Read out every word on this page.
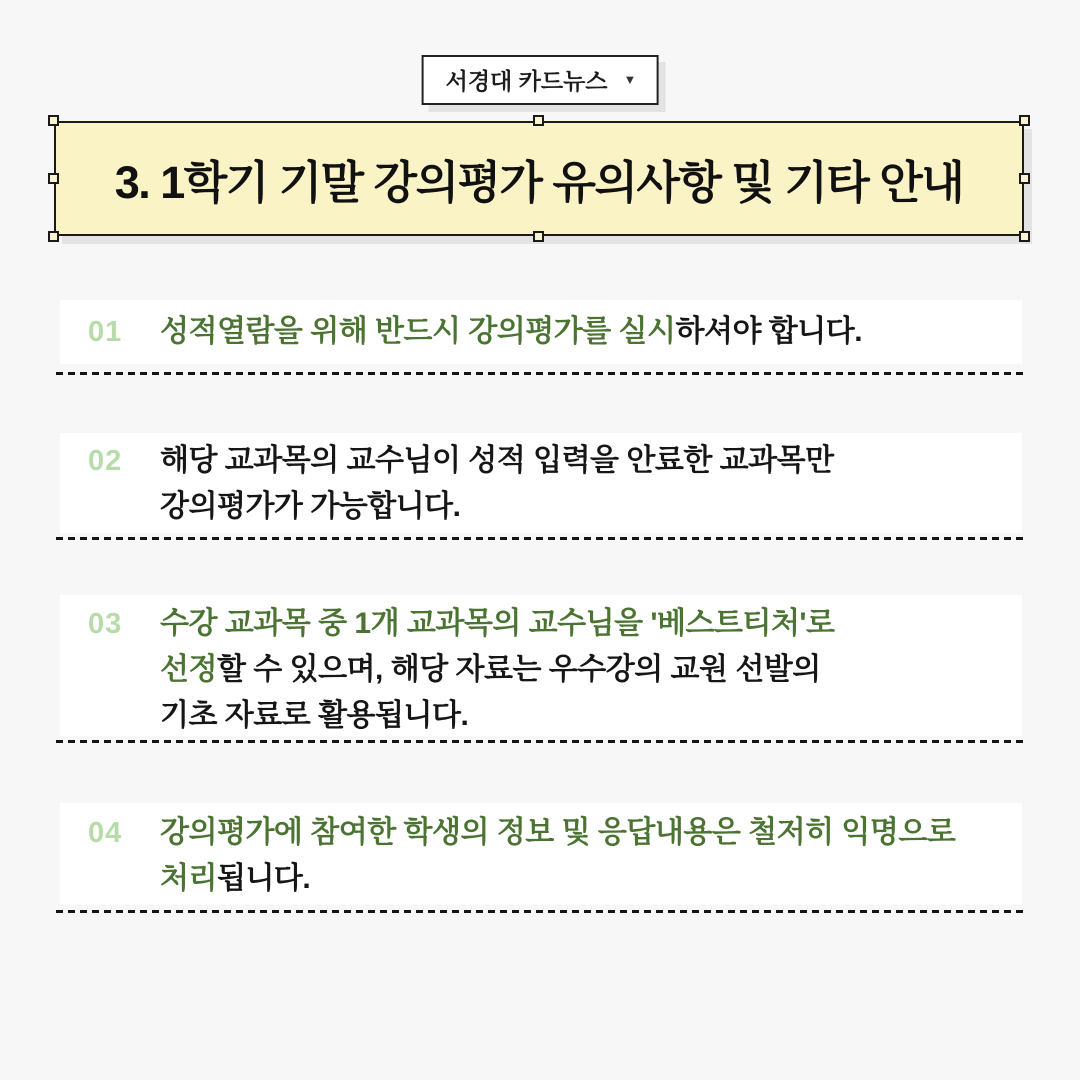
서경대 카드뉴스 ▼
3. 1학기 기말 강의평가 유의사항 및 기타 안내
01	성적열람을 위해 반드시 강의평가를 실시하셔야 합니다.
02	해당 교과목의 교수님이 성적 입력을 안료한 교과목만
강의평가가 가능합니다.
03	수강 교과목 중 1개 교과목의 교수님을 '베스트티처'로
선정할 수 있으며, 해당 자료는 우수강의 교원 선발의
기초 자료로 활용됩니다.
04	강의평가에 참여한 학생의 정보 및 응답내용은 철저히 익명으로
처리됩니다.
